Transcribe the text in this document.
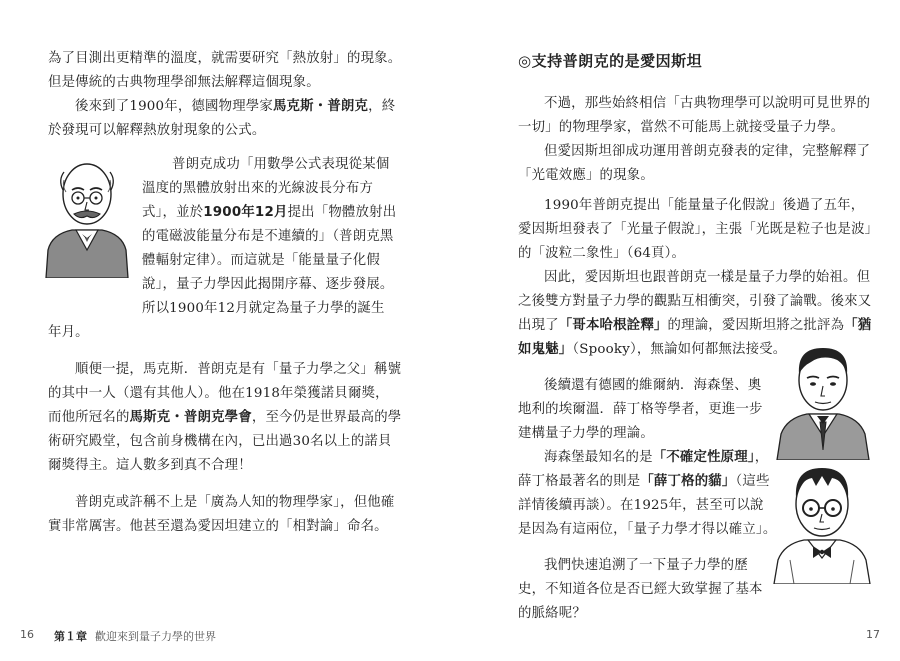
為了目測出更精準的溫度，就需要研究「熱放射」的現象。

但是傳統的古典物理學卻無法解釋這個現象。

後來到了1900年，德國物理學家馬克斯・普朗克，終

於發現可以解釋熱放射現象的公式。

普朗克成功「用數學公式表現從某個

溫度的黑體放射出來的光線波長分布方

式」，並於1900年12月提出「物體放射出

的電磁波能量分布是不連續的」（普朗克黑

體輻射定律）。而這就是「能量量子化假

說」，量子力學因此揭開序幕、逐步發展。

所以1900年12月就定為量子力學的誕生

年月。

順便一提，馬克斯．普朗克是有「量子力學之父」稱號

的其中一人（還有其他人）。他在1918年榮獲諾貝爾獎，

而他所冠名的馬斯克・普朗克學會，至今仍是世界最高的學

術研究殿堂，包含前身機構在內，已出過30名以上的諾貝

爾獎得主。這人數多到真不合理！

普朗克或許稱不上是「廣為人知的物理學家」，但他確

實非常厲害。他甚至還為愛因坦建立的「相對論」命名。

◎支持普朗克的是愛因斯坦

不過，那些始終相信「古典物理學可以說明可見世界的

一切」的物理學家，當然不可能馬上就接受量子力學。

但愛因斯坦卻成功運用普朗克發表的定律，完整解釋了

「光電效應」的現象。

1990年普朗克提出「能量量子化假說」後過了五年，

愛因斯坦發表了「光量子假說」，主張「光既是粒子也是波」

的「波粒二象性」（64頁）。

因此，愛因斯坦也跟普朗克一樣是量子力學的始祖。但

之後雙方對量子力學的觀點互相衝突，引發了論戰。後來又

出現了「哥本哈根詮釋」的理論，愛因斯坦將之批評為「猶

如鬼魅」（Spooky），無論如何都無法接受。

後續還有德國的維爾納．海森堡、奧

地利的埃爾溫．薛丁格等學者，更進一步

建構量子力學的理論。

海森堡最知名的是「不確定性原理」，

薛丁格最著名的則是「薛丁格的貓」（這些

詳情後續再談）。在1925年，甚至可以說

是因為有這兩位，「量子力學才得以確立」。

我們快速追溯了一下量子力學的歷

史，不知道各位是否已經大致掌握了基本

的脈絡呢？

16 第１章 歡迎來到量子力學的世界	17
